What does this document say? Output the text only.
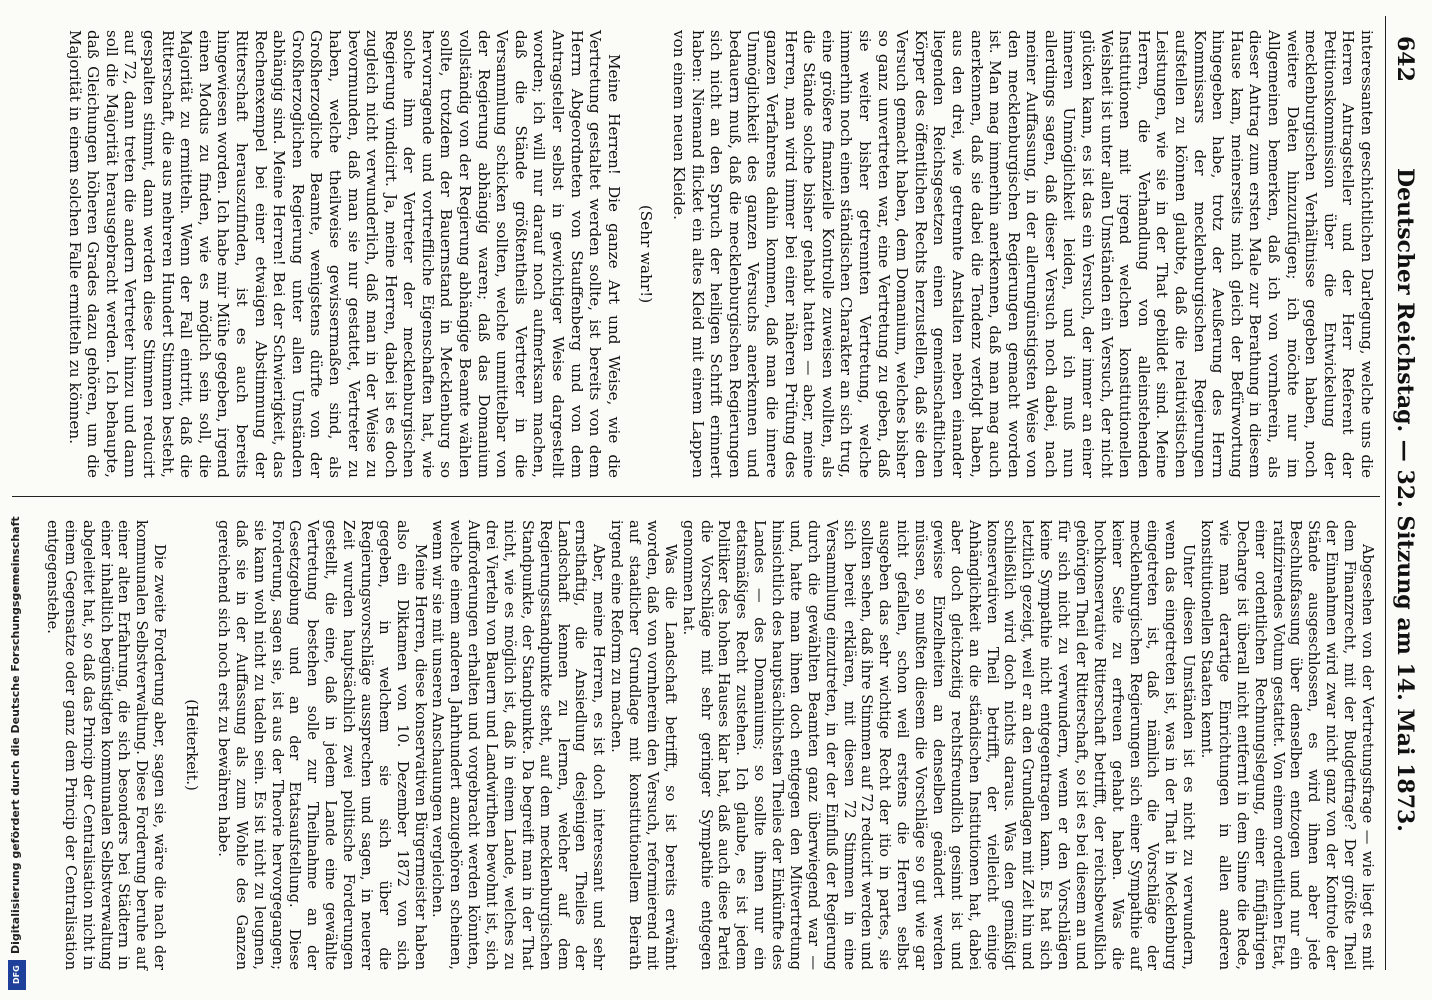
642
Deutscher Reichstag. — 32. Sitzung am 14. Mai 1873.

interessanten geschichtlichen Darlegung, welche uns die Herren Antragsteller und der Herr Referent der Petitionskommission über die Entwickelung der mecklenburgischen Verhältnisse gegeben haben, noch weitere Daten hinzuzufügen; ich möchte nur im Allgemeinen bemerken, daß ich von vornherein, als dieser Antrag zum ersten Male zur Berathung in diesem Hause kam, meinerseits mich gleich der Befürwortung hingegeben habe, trotz der Aeußerung des Herrn Kommissars der mecklenburgischen Regierungen aufstellen zu können glaubte, daß die relativistischen Leistungen, wie sie in der That gebildet sind. Meine Herren, die Verhandlung von alleinstehenden Institutionen mit irgend welchen konstitutionellen Weisheit ist unter allen Umständen ein Versuch, der nicht glücken kann, es ist das ein Versuch, der immer an einer inneren Unmöglichkeit leiden, und ich muß nun allerdings sagen, daß dieser Versuch noch dabei, nach meiner Auffassung, in der allerungünstigsten Weise von den mecklenburgischen Regierungen gemacht worden ist. Man mag immerhin anerkennen, daß man mag auch anerkennen, daß sie dabei die Tendenz verfolgt haben, aus den drei, wie getrennte Anstalten neben einander liegenden Reichsgesetzen einen gemeinschaftlichen Körper des öffentlichen Rechts herzustellen, daß sie den Versuch gemacht haben, dem Domanium, welches bisher so ganz unvertreten war, eine Vertretung zu geben, daß sie weiter bisher getrennten Vertretung, welche immerhin noch einen ständischen Charakter an sich trug, eine größere finanzielle Kontrolle zuweisen wollten, als die Stände solche bisher gehabt hatten — aber, meine Herren, man wird immer bei einer näheren Prüfung des ganzen Verfahrens dahin kommen, daß man die innere Unmöglichkeit des ganzen Versuchs anerkennen und bedauern muß, daß die mecklenburgischen Regierungen sich nicht an den Spruch der heiligen Schrift erinnert haben: Niemand flicket ein altes Kleid mit einem Lappen von einem neuen Kleide.

(Sehr wahr!)

Meine Herren! Die ganze Art und Weise, wie die Vertretung gestaltet werden sollte, ist bereits von dem Herrn Abgeordneten von Stauffenberg und von dem Antragsteller selbst in gewichtiger Weise dargestellt worden; ich will nur darauf noch aufmerksam machen, daß die Stände größtentheils Vertreter in die Versammlung schicken sollten, welche unmittelbar von der Regierung abhängig waren; daß das Domanium vollständig von der Regierung abhängige Beamte wählen sollte, trotzdem der Bauernstand in Mecklenburg so hervorragende und vortreffliche Eigenschaften hat, wie solche ihm der Vertreter der mecklenburgischen Regierung vindicirt. Ja, meine Herren, dabei ist es doch zugleich nicht verwunderlich, daß man in der Weise zu bevormunden, daß man sie nur gestattet, Vertreter zu haben, welche theilweise gewissermaßen sind, als Großherzogliche Beamte, wenigstens dürfte von der Großherzoglichen Regierung unter allen Umständen abhängig sind. Meine Herren! Bei der Schwierigkeit, das Rechenexempel bei einer etwaigen Abstimmung der Ritterschaft herauszufinden, ist es auch bereits hingewiesen worden. Ich habe mir Mühe gegeben, irgend einen Modus zu finden, wie es möglich sein soll, die Majorität zu ermitteln. Wenn der Fall eintritt, daß die Ritterschaft, die aus mehreren Hundert Stimmen besteht, gespalten stimmt, dann werden diese Stimmen reducirt auf 72, dann treten die andern Vertreter hinzu und dann soll die Majorität herausgebracht werden. Ich behaupte, daß Gleichungen höheren Grades dazu gehören, um die Majorität in einem solchen Falle ermitteln zu können.

Abgesehen von der Vertretungsfrage — wie liegt es mit dem Finanzrecht, mit der Budgetfrage? Der größte Theil der Einnahmen wird zwar nicht ganz von der Kontrole der Stände ausgeschlossen, es wird ihnen aber jede Beschlußfassung über denselben entzogen und nur ein ratifizirendes Votum gestattet. Von einem ordentlichen Etat, einer ordentlichen Rechnungslegung, einer fünfjährigen Decharge ist überall nicht entfernt in dem Sinne die Rede, wie man derartige Einrichtungen in allen anderen konstitutionellen Staaten kennt.

Unter diesen Umständen ist es nicht zu verwundern, wenn das eingetreten ist, was in der That in Mecklenburg eingetreten ist, daß nämlich die Vorschläge der mecklenburgischen Regierungen sich einer Sympathie auf keiner Seite zu erfreuen gehabt haben. Was die hochkonservative Ritterschaft betrifft, der reichsbewußlich gehörigen Theil der Ritterschaft, so ist es bei diesem an und für sich nicht zu verwundern, wenn er den Vorschlägen keine Sympathie nicht entgegentragen kann. Es hat sich letztlich gezeigt, weil er an den Grundlagen mit Zeit hin und schließlich wird doch nichts daraus. Was den gemäßigt konservativen Theil betrifft, der vielleicht einige Anhänglichkeit an die ständischen Institutionen hat, dabei aber doch gleichzeitig rechtsfreundlich gesinnt ist und gewisse Einzelheiten an denselben geändert werden müssen, so mußten diesem die Vorschläge so gut wie gar nicht gefallen, schon weil erstens die Herren selbst ausgeben das sehr wichtige Recht der itio in partes, sie sollten sehen, daß ihre Stimmen auf 72 reducirt werden und sich bereit erklären, mit diesen 72 Stimmen in eine Versammlung einzutreten, in der der Einfluß der Regierung durch die gewählten Beamten ganz überwiegend war — und, hatte man ihnen doch entgegen den Mitvertretung hinsichtlich des hauptsächlichsten Theiles der Einkünfte des Landes — des Domaniums; so sollte ihnen nur ein etatsmäßiges Recht zustehen. Ich glaube, es ist jedem Politiker des hohen Hauses klar hat, daß auch diese Partei die Vorschläge mit sehr geringer Sympathie entgegen genommen hat.

Was die Landschaft betrifft, so ist bereits erwähnt worden, daß von vornherein den Versuch, reformierend mit auf staatlicher Grundlage mit konstitutionellem Beirath irgend eine Reform zu machen.

Aber, meine Herren, es ist doch interessant und sehr ernsthaftig, die Ansiedlung desjenigen Theiles der Landschaft kennen zu lernen, welcher auf dem Regierungsstandpunkte steht, auf dem mecklenburgischen Standpunkte, der Standpunkte. Da begreift man in der That nicht, wie es möglich ist, daß in einem Lande, welches zu drei Vierteln von Bauern und Landwirthen bewohnt ist, sich Aufforderungen erhalten und vorgebracht werden könnten, welche einem anderen Jahrhundert anzugehören scheinen, wenn wir sie mit unseren Anschauungen vergleichen.

Meine Herren, diese konservativen Bürgermeister haben also ein Diktamen von 10. Dezember 1872 von sich gegeben, in welchem sie sich über die Regierungsvorschläge aussprechen und sagen, in neuerer Zeit wurden hauptsächlich zwei politische Forderungen gestellt, die eine, daß in jedem Lande eine gewählte Vertretung bestehen solle zur Theilnahme an der Gesetzgebung und an der Etatsaufstellung. Diese Forderung, sagen sie, ist aus der Theorie hervorgegangen; sie kann wohl nicht zu tadeln sein. Es ist nicht zu leugnen, daß sie in der Auffassung als zum Wohle des Ganzen gereichend sich noch erst zu bewähren habe.

(Heiterkeit.)

Die zweite Forderung aber, sagen sie, wäre die nach der kommunalen Selbstverwaltung. Diese Forderung beruhe auf einer alten Erfahrung, die sich besonders bei Städtern in einer inhaltlich begünstigten kommunalen Selbstverwaltung abgeleitet hat, so daß das Princip der Centralisation nicht in einem Gegensatze oder ganz dem Princip der Centralisation entgegenstehe.

Digitalisierung gefördert durch die Deutsche Forschungsgemeinschaft
DFG
